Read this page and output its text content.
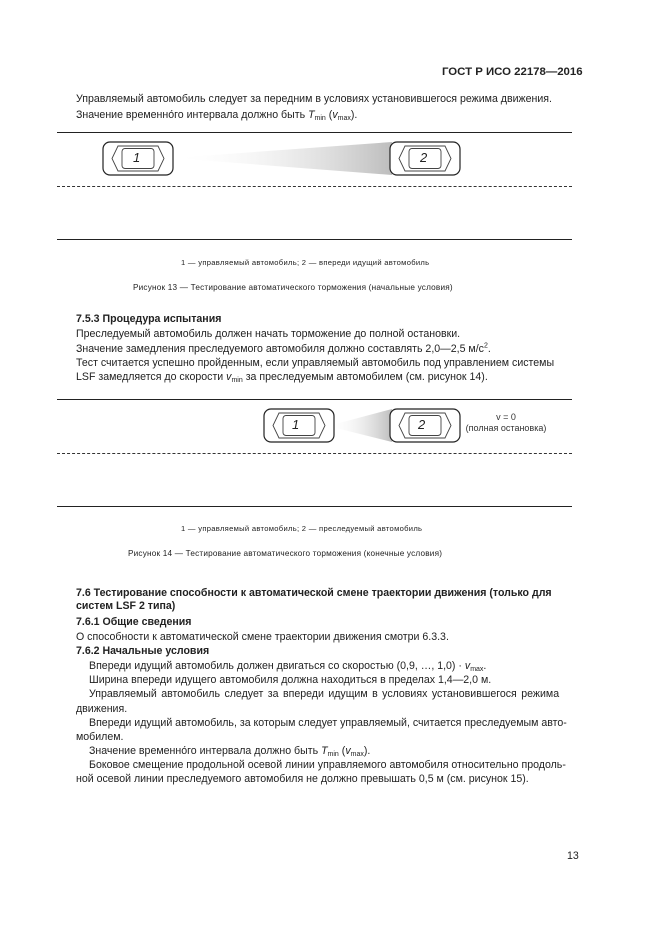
ГОСТ Р ИСО 22178—2016
Управляемый автомобиль следует за передним в условиях установившегося режима движения.
Значение временно́го интервала должно быть $T_{min}$ $(v_{max})$.
1	2
1 — управляемый автомобиль; 2 — впереди идущий автомобиль
Рисунок 13 — Тестирование автоматического торможения (начальные условия)
7.5.3 Процедура испытания
Преследуемый автомобиль должен начать торможение до полной остановки.
Значение замедления преследуемого автомобиля должно составлять 2,0—2,5 $м/с^2$.
Тест считается успешно пройденным, если управляемый автомобиль под управлением системы
LSF замедляется до скорости $v_{min}$ за преследуемым автомобилем (см. рисунок 14).
1	2	v = 0
(полная остановка)
1 — управляемый автомобиль; 2 — преследуемый автомобиль
Рисунок 14 — Тестирование автоматического торможения (конечные условия)
7.6 Тестирование способности к автоматической смене траектории движения (только для
систем LSF 2 типа)
7.6.1 Общие сведения
О способности к автоматической смене траектории движения смотри 6.3.3.
7.6.2 Начальные условия
Впереди идущий автомобиль должен двигаться со скоростью (0,9, …, $1,0) \cdot v_{max}$.
Ширина впереди идущего автомобиля должна находиться в пределах 1,4—2,0 м.
Управляемый автомобиль следует за впереди идущим в условиях установившегося режима
движения.
Впереди идущий автомобиль, за которым следует управляемый, считается преследуемым авто-
мобилем.
Значение временно́го интервала должно быть $T_{min}$ $(v_{max})$.
Боковое смещение продольной осевой линии управляемого автомобиля относительно продоль-
ной осевой линии преследуемого автомобиля не должно превышать 0,5 м (см. рисунок 15).
13
